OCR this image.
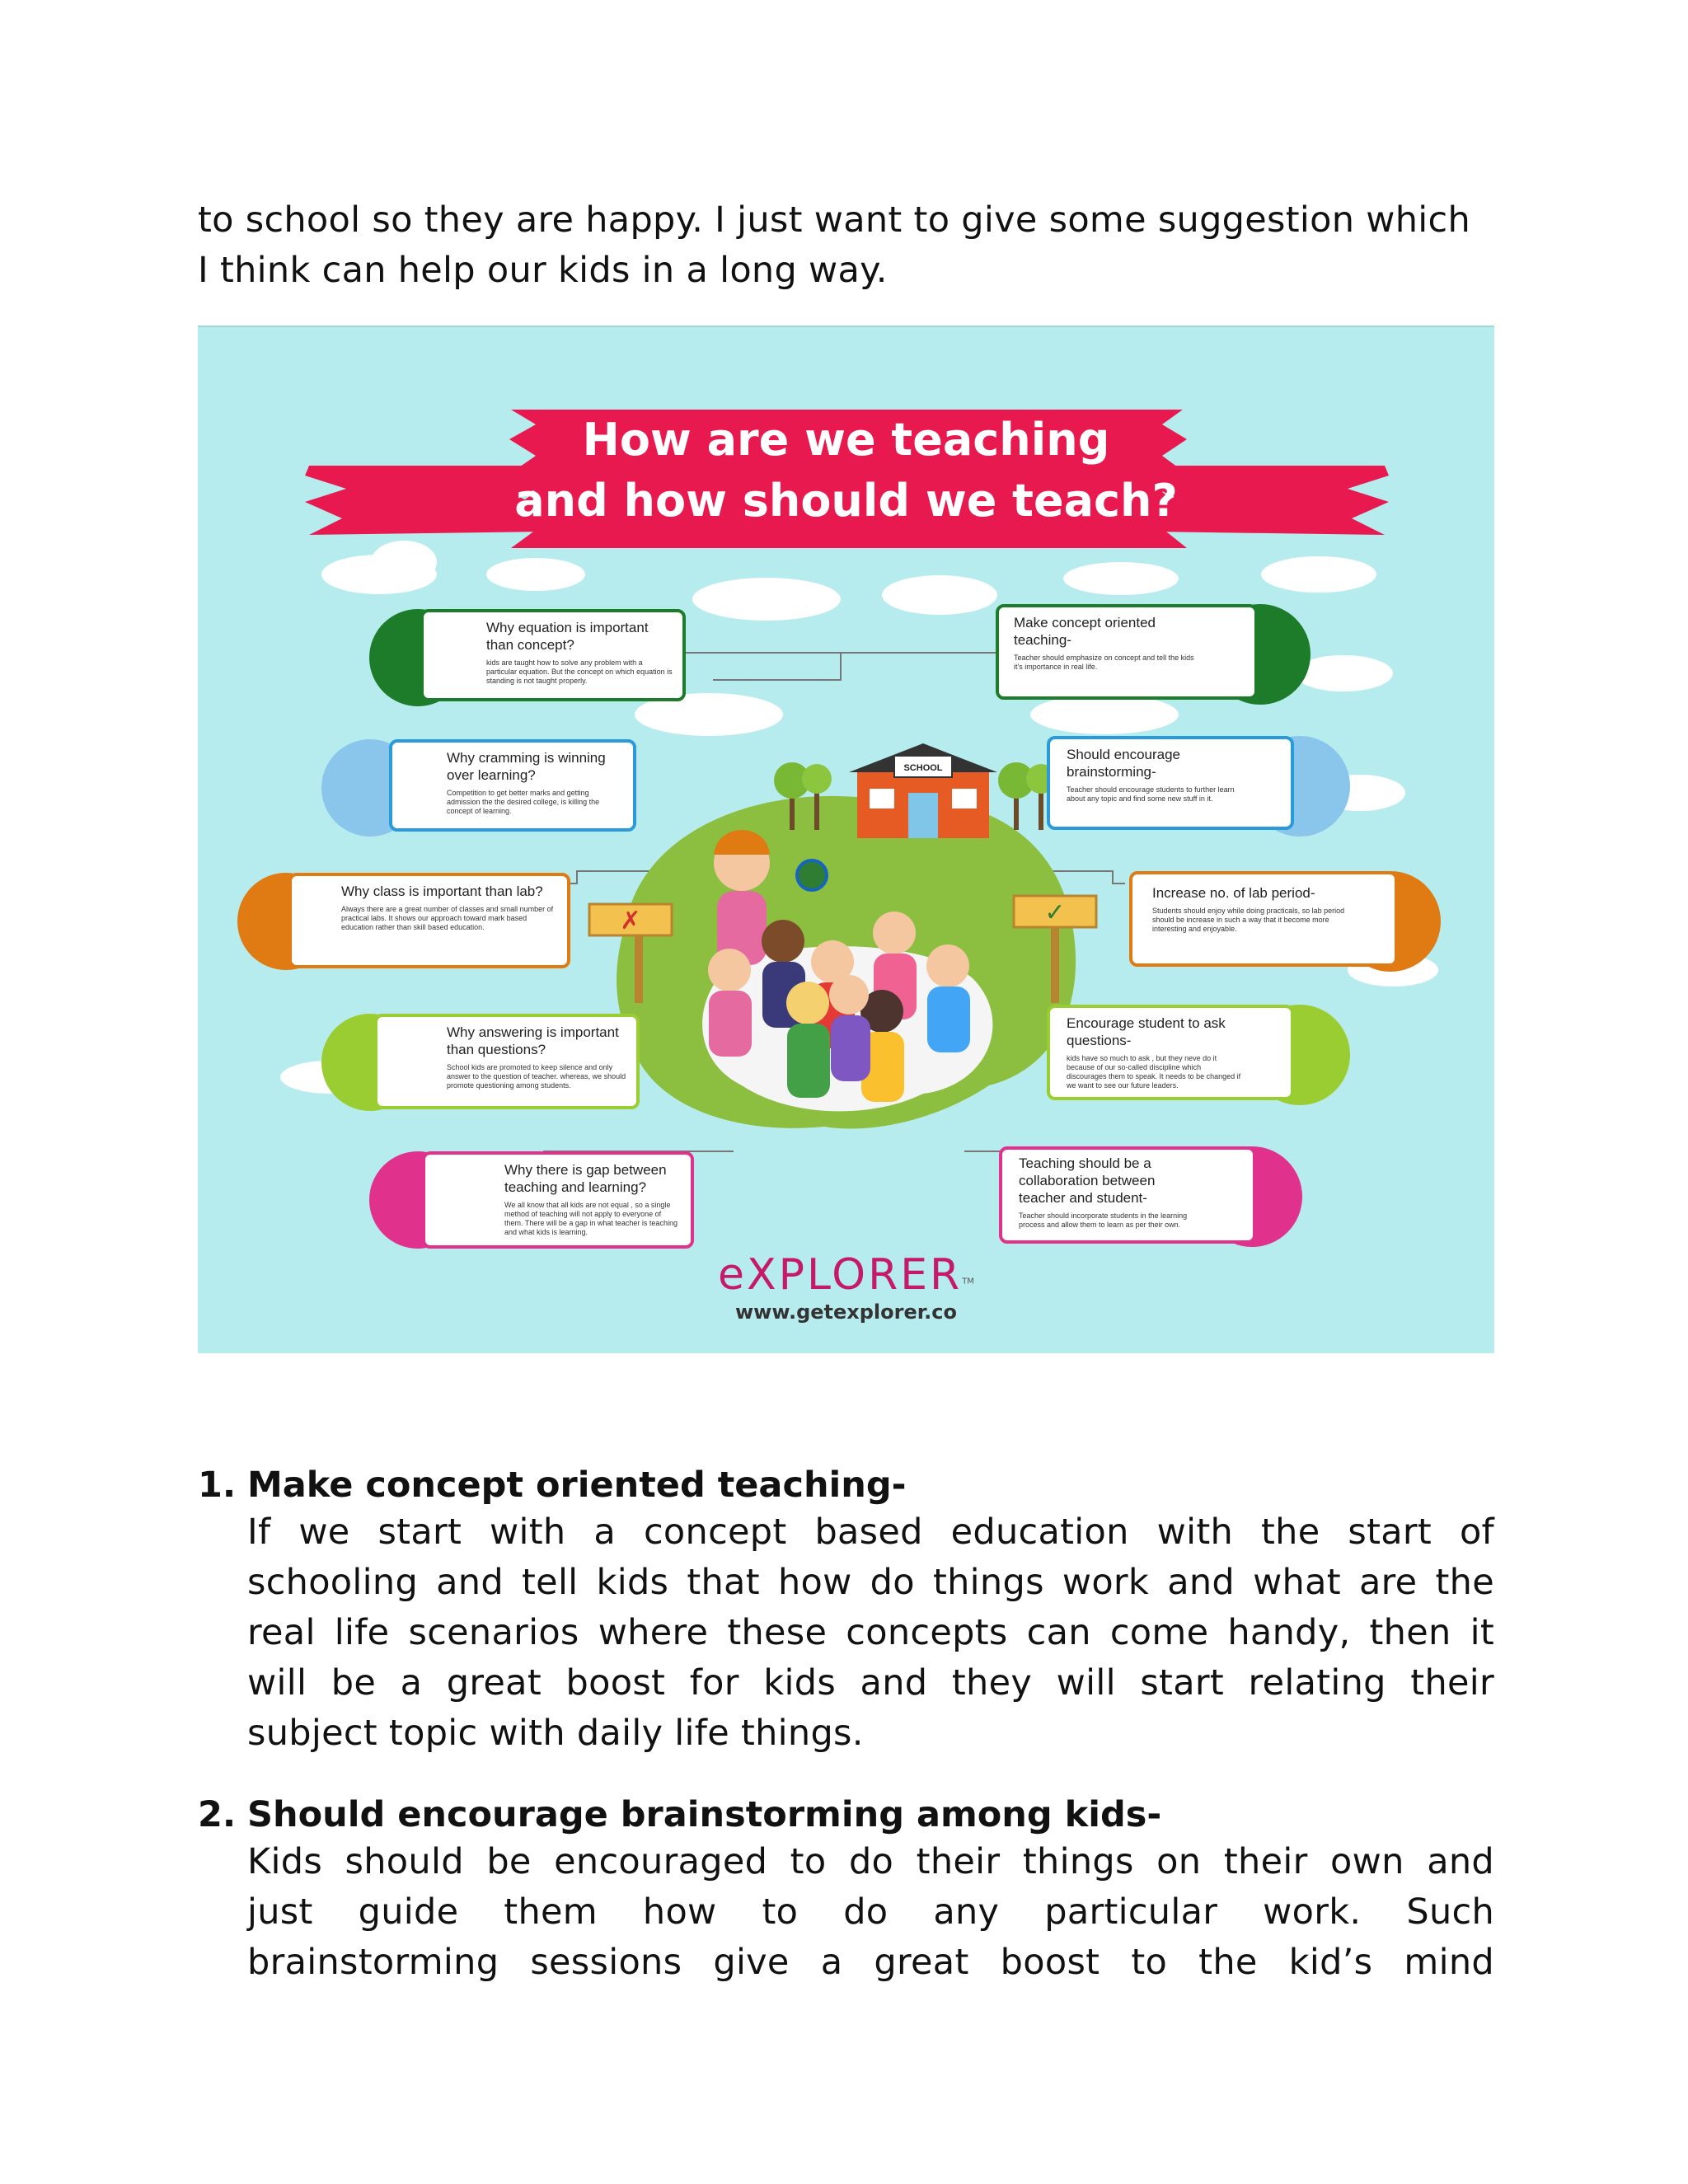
to school so they are happy. I just want to give some suggestion which
I think can help our kids in a long way.
SCHOOL
✗	✓
How are we teaching
and how should we teach?
Why equation is important than concept?
kids are taught how to solve any problem with a particular equation. But the concept on which equation is standing is not taught properly.
Why cramming is winning over learning?
Competition to get better marks and getting admission the the desired college, is killing the concept of learning.
Why class is important than lab?
Always there are a great number of classes and small number of practical labs. It shows our approach toward mark based education rather than skill based education.
Why answering is important than questions?
School kids are promoted to keep silence and only answer to the question of teacher. whereas, we should promote questioning among students.
Why there is gap between teaching and learning?
We all know that all kids are not equal , so a single method of teaching will not apply to everyone of them. There will be a gap in what teacher is teaching and what kids is learning.
Make concept oriented teaching-
Teacher should emphasize on concept and tell the kids it's importance in real life.
Should encourage brainstorming-
Teacher should encourage students to further learn about any topic and find some new stuff in it.
Increase no. of lab period-
Students should enjoy while doing practicals, so lab period should be increase in such a way that it become more interesting and enjoyable.
Encourage student to ask questions-
kids have so much to ask , but they neve do it because of our so-called discipline which discourages them to speak. It needs to be changed if we want to see our future leaders.
Teaching should be a collaboration between teacher and student-
Teacher should incorporate students in the learning process and allow them to learn as per their own.
eXPLORER™
www.getexplorer.co
1. Make concept oriented teaching-
If we start with a concept based education with the start of
schooling and tell kids that how do things work and what are the
real life scenarios where these concepts can come handy, then it
will be a great boost for kids and they will start relating their
subject topic with daily life things.
2. Should encourage brainstorming among kids-
Kids should be encouraged to do their things on their own and
just guide them how to do any particular work. Such
brainstorming sessions give a great boost to the kid’s mind
